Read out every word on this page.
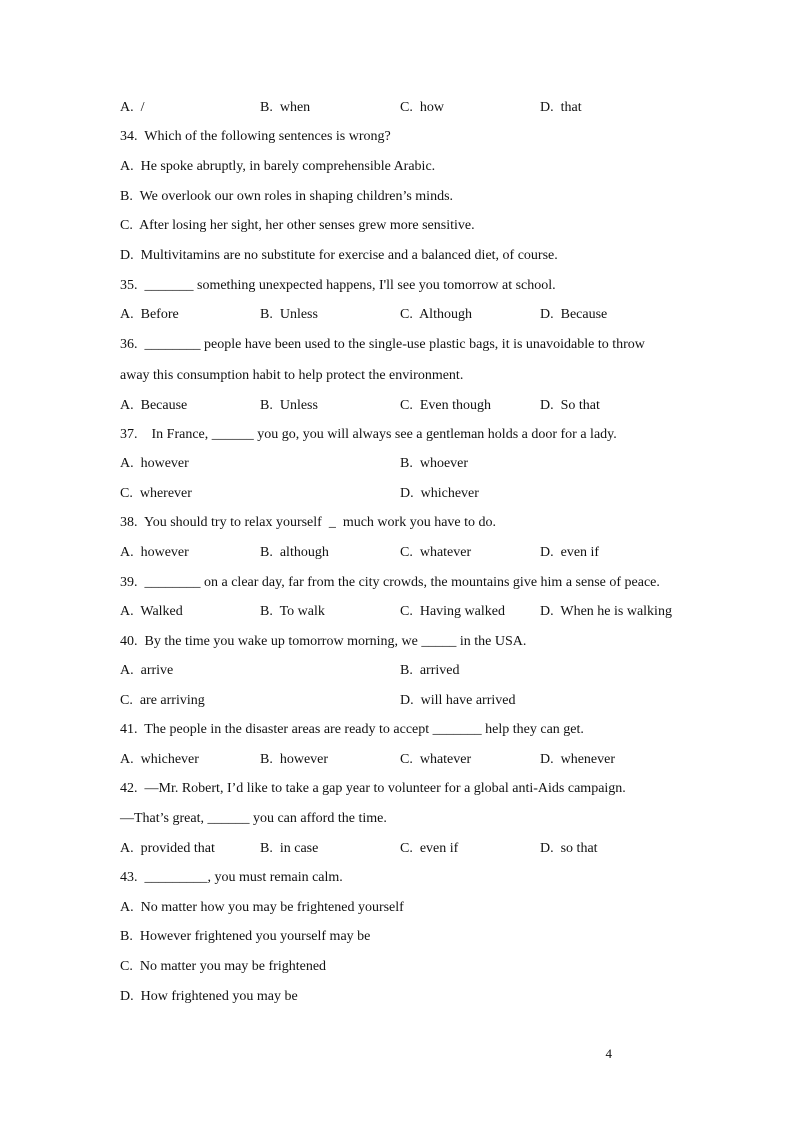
A.  /	B.  when	C.  how	D.  that
34.  Which of the following sentences is wrong?
A.  He spoke abruptly, in barely comprehensible Arabic.
B.  We overlook our own roles in shaping children’s minds.
C.  After losing her sight, her other senses grew more sensitive.
D.  Multivitamins are no substitute for exercise and a balanced diet, of course.
35.  _______ something unexpected happens, I'll see you tomorrow at school.
A.  Before	B.  Unless	C.  Although	D.  Because
36.  ________ people have been used to the single-use plastic bags, it is unavoidable to throw
away this consumption habit to help protect the environment.
A.  Because	B.  Unless	C.  Even though	D.  So that
37.    In France, ______ you go, you will always see a gentleman holds a door for a lady.
A.  however	B.  whoever
C.  wherever	D.  whichever
38.  You should try to relax yourself  _  much work you have to do.
A.  however	B.  although	C.  whatever	D.  even if
39.  ________ on a clear day, far from the city crowds, the mountains give him a sense of peace.
A.  Walked	B.  To walk	C.  Having walked	D.  When he is walking
40.  By the time you wake up tomorrow morning, we _____ in the USA.
A.  arrive	B.  arrived
C.  are arriving	D.  will have arrived
41.  The people in the disaster areas are ready to accept _______ help they can get.
A.  whichever	B.  however	C.  whatever	D.  whenever
42.  —Mr. Robert, I’d like to take a gap year to volunteer for a global anti-Aids campaign.
—That’s great, ______ you can afford the time.
A.  provided that	B.  in case	C.  even if	D.  so that
43.  _________, you must remain calm.
A.  No matter how you may be frightened yourself
B.  However frightened you yourself may be
C.  No matter you may be frightened
D.  How frightened you may be
4
